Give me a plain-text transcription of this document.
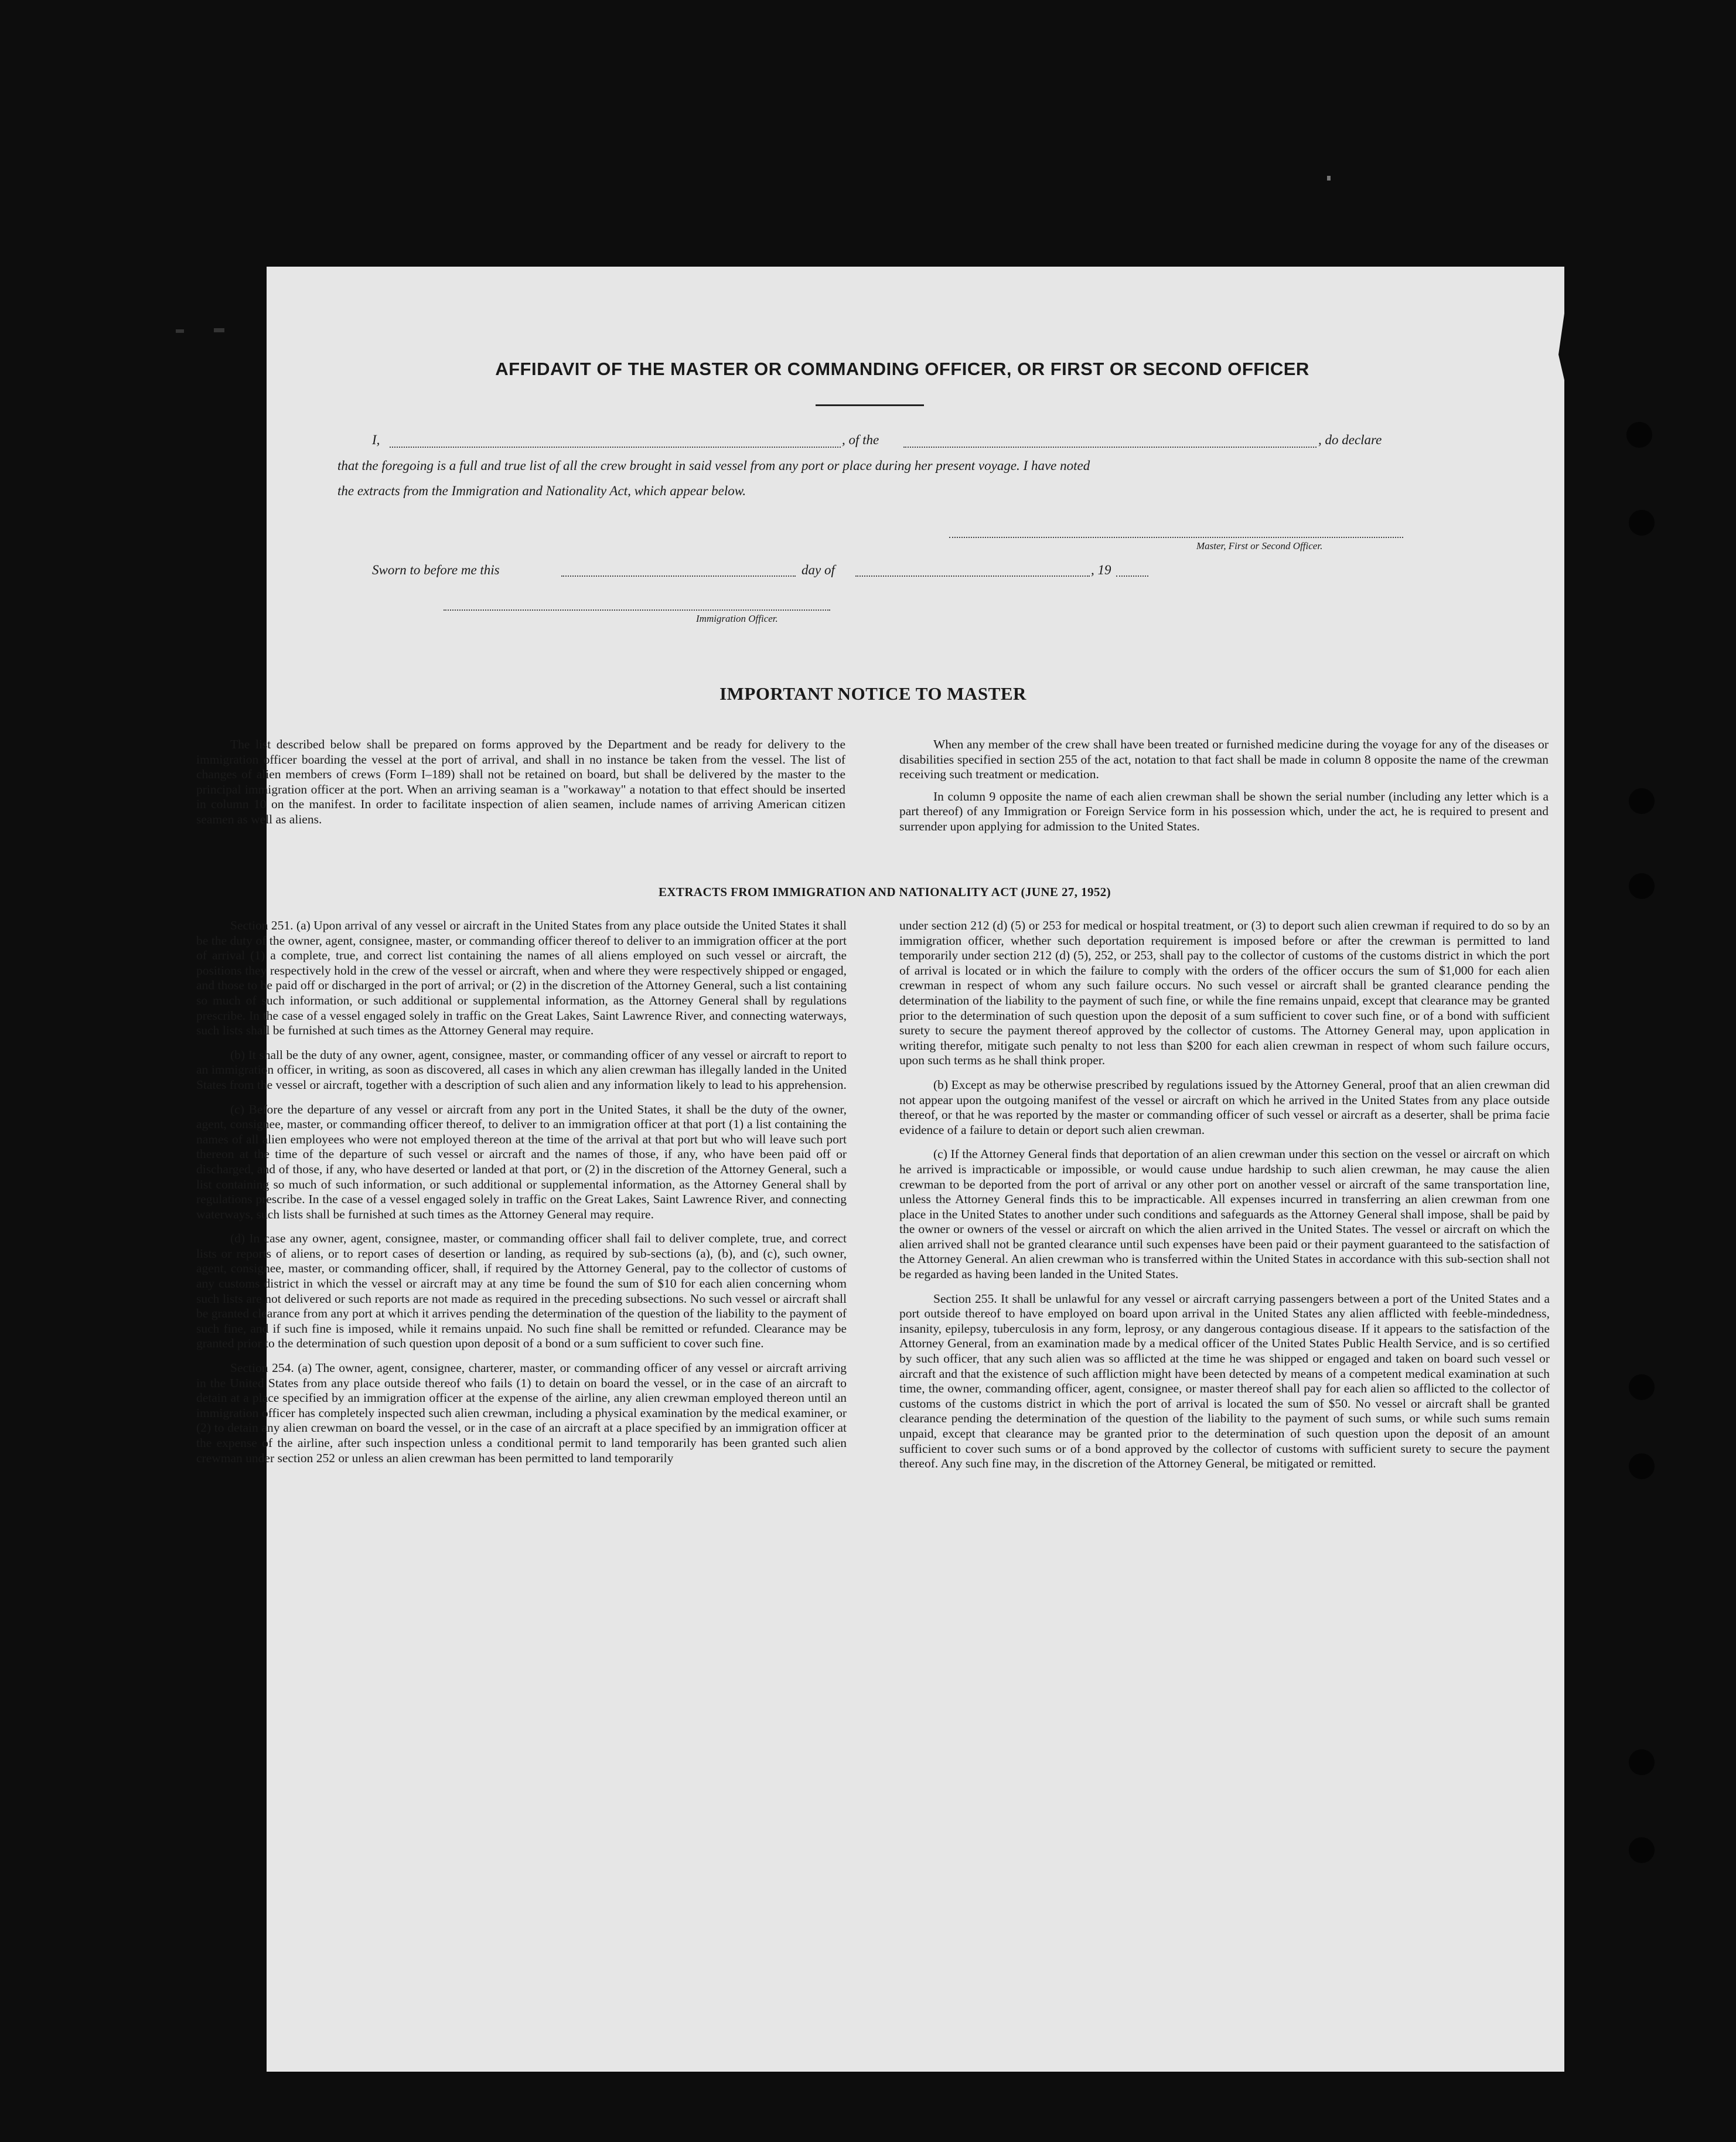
AFFIDAVIT OF THE MASTER OR COMMANDING OFFICER, OR FIRST OR SECOND OFFICER
I,	, of the	, do declare
that the foregoing is a full and true list of all the crew brought in said vessel from any port or place during her present voyage. I have noted
the extracts from the Immigration and Nationality Act, which appear below.
Master, First or Second Officer.
Sworn to before me this	day of	, 19
Immigration Officer.
IMPORTANT NOTICE TO MASTER

The list described below shall be prepared on forms approved by the Department and be ready for delivery to the immigration officer boarding the vessel at the port of arrival, and shall in no instance be taken from the vessel. The list of changes of alien members of crews (Form I–189) shall not be retained on board, but shall be delivered by the master to the principal immigration officer at the port. When an arriving seaman is a "workaway" a notation to that effect should be inserted in column 10 on the manifest. In order to facilitate inspection of alien seamen, include names of arriving American citizen seamen as well as aliens.

When any member of the crew shall have been treated or furnished medicine during the voyage for any of the diseases or disabilities specified in section 255 of the act, notation to that fact shall be made in column 8 opposite the name of the crewman receiving such treatment or medication.

In column 9 opposite the name of each alien crewman shall be shown the serial number (including any letter which is a part thereof) of any Immigration or Foreign Service form in his possession which, under the act, he is required to present and surrender upon applying for admission to the United States.

EXTRACTS FROM IMMIGRATION AND NATIONALITY ACT (JUNE 27, 1952)

Section 251. (a) Upon arrival of any vessel or aircraft in the United States from any place outside the United States it shall be the duty of the owner, agent, consignee, master, or commanding officer thereof to deliver to an immigration officer at the port of arrival (1) a complete, true, and correct list containing the names of all aliens employed on such vessel or aircraft, the positions they respectively hold in the crew of the vessel or aircraft, when and where they were respectively shipped or engaged, and those to be paid off or discharged in the port of arrival; or (2) in the discretion of the Attorney General, such a list containing so much of such information, or such additional or supplemental information, as the Attorney General shall by regulations prescribe. In the case of a vessel engaged solely in traffic on the Great Lakes, Saint Lawrence River, and connecting waterways, such lists shall be furnished at such times as the Attorney General may require.

(b) It shall be the duty of any owner, agent, consignee, master, or commanding officer of any vessel or aircraft to report to an immigration officer, in writing, as soon as discovered, all cases in which any alien crewman has illegally landed in the United States from the vessel or aircraft, together with a description of such alien and any information likely to lead to his apprehension.

(c) Before the departure of any vessel or aircraft from any port in the United States, it shall be the duty of the owner, agent, consignee, master, or commanding officer thereof, to deliver to an immigration officer at that port (1) a list containing the names of all alien employees who were not employed thereon at the time of the arrival at that port but who will leave such port thereon at the time of the departure of such vessel or aircraft and the names of those, if any, who have been paid off or discharged, and of those, if any, who have deserted or landed at that port, or (2) in the discretion of the Attorney General, such a list containing so much of such information, or such additional or supplemental information, as the Attorney General shall by regulations prescribe. In the case of a vessel engaged solely in traffic on the Great Lakes, Saint Lawrence River, and connecting waterways, such lists shall be furnished at such times as the Attorney General may require.

(d) In case any owner, agent, consignee, master, or commanding officer shall fail to deliver complete, true, and correct lists or reports of aliens, or to report cases of desertion or landing, as required by sub-sections (a), (b), and (c), such owner, agent, consignee, master, or commanding officer, shall, if required by the Attorney General, pay to the collector of customs of any customs district in which the vessel or aircraft may at any time be found the sum of $10 for each alien concerning whom such lists are not delivered or such reports are not made as required in the preceding subsections. No such vessel or aircraft shall be granted clearance from any port at which it arrives pending the determination of the question of the liability to the payment of such fine, and if such fine is imposed, while it remains unpaid. No such fine shall be remitted or refunded. Clearance may be granted prior to the determination of such question upon deposit of a bond or a sum sufficient to cover such fine.

Section 254. (a) The owner, agent, consignee, charterer, master, or commanding officer of any vessel or aircraft arriving in the United States from any place outside thereof who fails (1) to detain on board the vessel, or in the case of an aircraft to detain at a place specified by an immigration officer at the expense of the airline, any alien crewman employed thereon until an immigration officer has completely inspected such alien crewman, including a physical examination by the medical examiner, or (2) to detain any alien crewman on board the vessel, or in the case of an aircraft at a place specified by an immigration officer at the expense of the airline, after such inspection unless a conditional permit to land temporarily has been granted such alien crewman under section 252 or unless an alien crewman has been permitted to land temporarily

under section 212 (d) (5) or 253 for medical or hospital treatment, or (3) to deport such alien crewman if required to do so by an immigration officer, whether such deportation requirement is imposed before or after the crewman is permitted to land temporarily under section 212 (d) (5), 252, or 253, shall pay to the collector of customs of the customs district in which the port of arrival is located or in which the failure to comply with the orders of the officer occurs the sum of $1,000 for each alien crewman in respect of whom any such failure occurs. No such vessel or aircraft shall be granted clearance pending the determination of the liability to the payment of such fine, or while the fine remains unpaid, except that clearance may be granted prior to the determination of such question upon the deposit of a sum sufficient to cover such fine, or of a bond with sufficient surety to secure the payment thereof approved by the collector of customs. The Attorney General may, upon application in writing therefor, mitigate such penalty to not less than $200 for each alien crewman in respect of whom such failure occurs, upon such terms as he shall think proper.

(b) Except as may be otherwise prescribed by regulations issued by the Attorney General, proof that an alien crewman did not appear upon the outgoing manifest of the vessel or aircraft on which he arrived in the United States from any place outside thereof, or that he was reported by the master or commanding officer of such vessel or aircraft as a deserter, shall be prima facie evidence of a failure to detain or deport such alien crewman.

(c) If the Attorney General finds that deportation of an alien crewman under this section on the vessel or aircraft on which he arrived is impracticable or impossible, or would cause undue hardship to such alien crewman, he may cause the alien crewman to be deported from the port of arrival or any other port on another vessel or aircraft of the same transportation line, unless the Attorney General finds this to be impracticable. All expenses incurred in transferring an alien crewman from one place in the United States to another under such conditions and safeguards as the Attorney General shall impose, shall be paid by the owner or owners of the vessel or aircraft on which the alien arrived in the United States. The vessel or aircraft on which the alien arrived shall not be granted clearance until such expenses have been paid or their payment guaranteed to the satisfaction of the Attorney General. An alien crewman who is transferred within the United States in accordance with this sub-section shall not be regarded as having been landed in the United States.

Section 255. It shall be unlawful for any vessel or aircraft carrying passengers between a port of the United States and a port outside thereof to have employed on board upon arrival in the United States any alien afflicted with feeble-mindedness, insanity, epilepsy, tuberculosis in any form, leprosy, or any dangerous contagious disease. If it appears to the satisfaction of the Attorney General, from an examination made by a medical officer of the United States Public Health Service, and is so certified by such officer, that any such alien was so afflicted at the time he was shipped or engaged and taken on board such vessel or aircraft and that the existence of such affliction might have been detected by means of a competent medical examination at such time, the owner, commanding officer, agent, consignee, or master thereof shall pay for each alien so afflicted to the collector of customs of the customs district in which the port of arrival is located the sum of $50. No vessel or aircraft shall be granted clearance pending the determination of the question of the liability to the payment of such sums, or while such sums remain unpaid, except that clearance may be granted prior to the determination of such question upon the deposit of an amount sufficient to cover such sums or of a bond approved by the collector of customs with sufficient surety to secure the payment thereof. Any such fine may, in the discretion of the Attorney General, be mitigated or remitted.
